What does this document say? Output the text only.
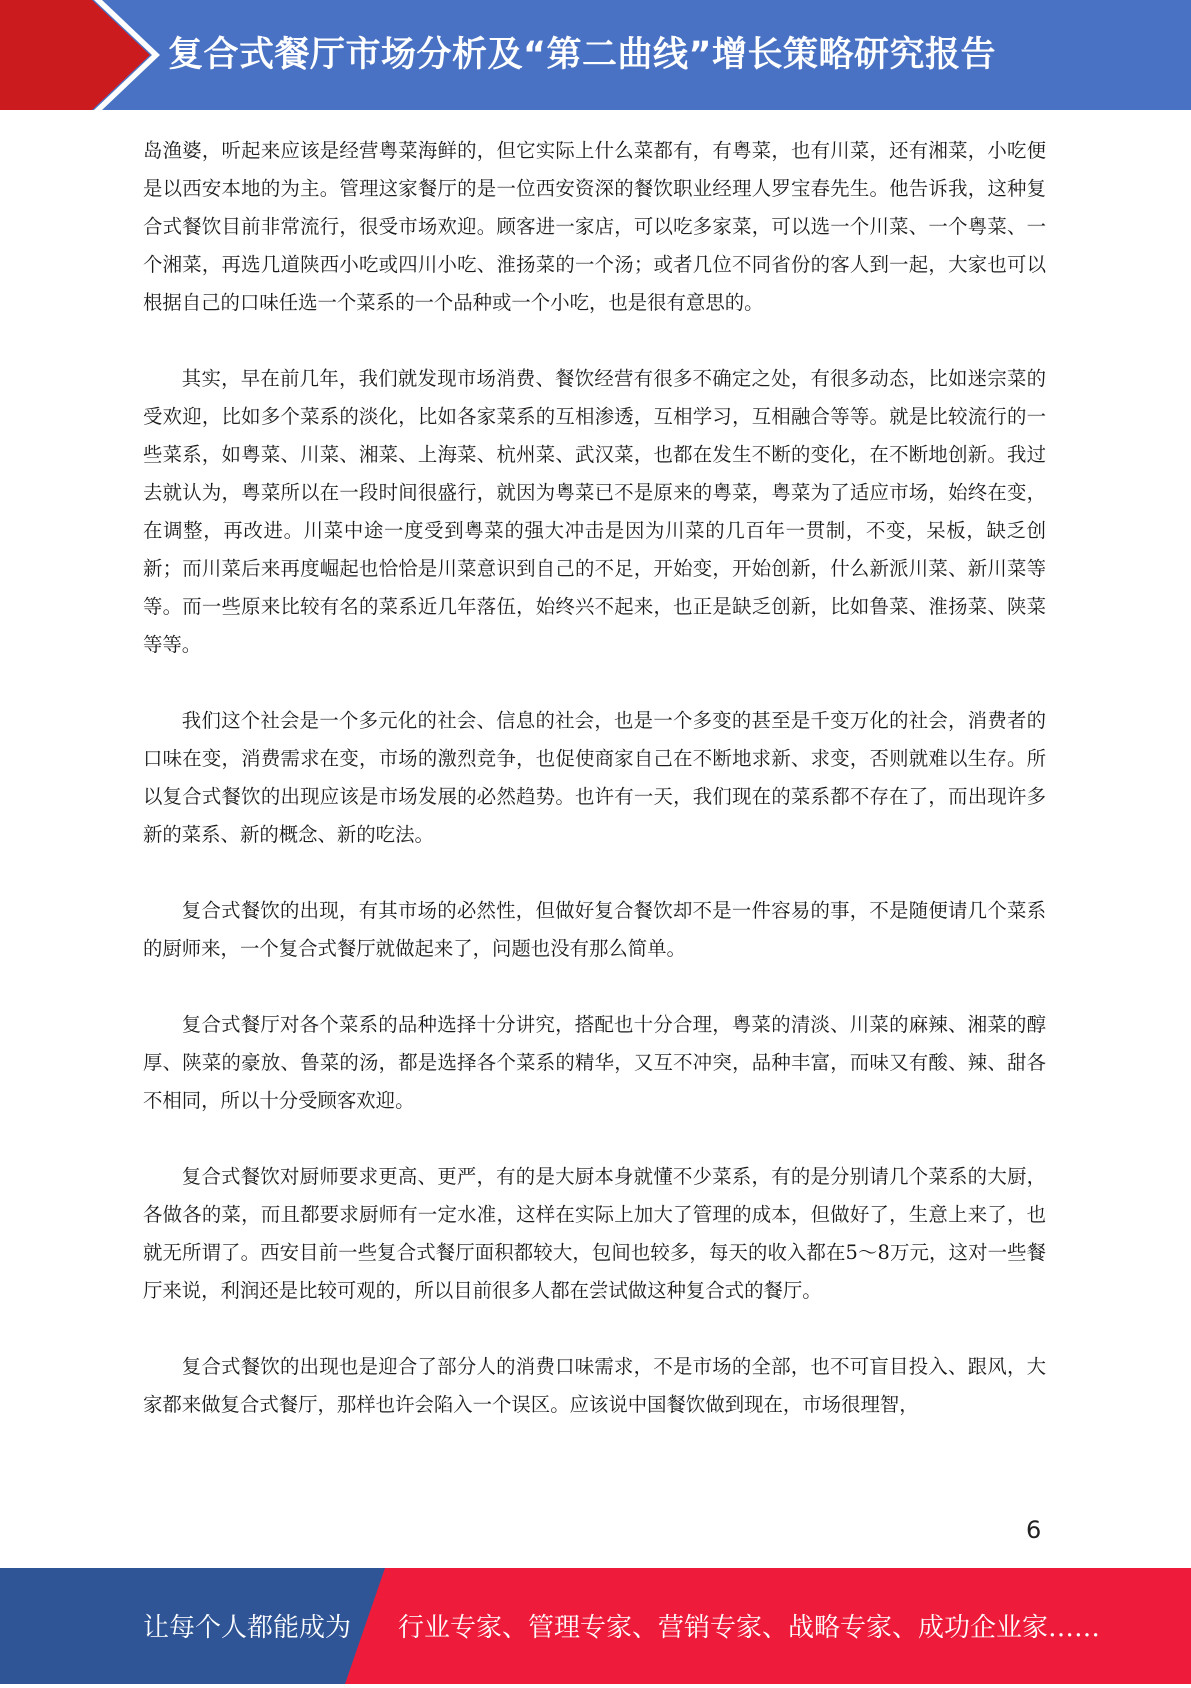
复合式餐厅市场分析及“第二曲线”增长策略研究报告

岛渔婆，听起来应该是经营粤菜海鲜的，但它实际上什么菜都有，有粤菜，也有川菜，还有湘菜，小吃便是以西安本地的为主。管理这家餐厅的是一位西安资深的餐饮职业经理人罗宝春先生。他告诉我，这种复合式餐饮目前非常流行，很受市场欢迎。顾客进一家店，可以吃多家菜，可以选一个川菜、一个粤菜、一个湘菜，再选几道陕西小吃或四川小吃、淮扬菜的一个汤；或者几位不同省份的客人到一起，大家也可以根据自己的口味任选一个菜系的一个品种或一个小吃，也是很有意思的。

其实，早在前几年，我们就发现市场消费、餐饮经营有很多不确定之处，有很多动态，比如迷宗菜的受欢迎，比如多个菜系的淡化，比如各家菜系的互相渗透，互相学习，互相融合等等。就是比较流行的一些菜系，如粤菜、川菜、湘菜、上海菜、杭州菜、武汉菜，也都在发生不断的变化，在不断地创新。我过去就认为，粤菜所以在一段时间很盛行，就因为粤菜已不是原来的粤菜，粤菜为了适应市场，始终在变，在调整，再改进。川菜中途一度受到粤菜的强大冲击是因为川菜的几百年一贯制，不变，呆板，缺乏创新；而川菜后来再度崛起也恰恰是川菜意识到自己的不足，开始变，开始创新，什么新派川菜、新川菜等等。而一些原来比较有名的菜系近几年落伍，始终兴不起来，也正是缺乏创新，比如鲁菜、淮扬菜、陕菜等等。

我们这个社会是一个多元化的社会、信息的社会，也是一个多变的甚至是千变万化的社会，消费者的口味在变，消费需求在变，市场的激烈竞争，也促使商家自己在不断地求新、求变，否则就难以生存。所以复合式餐饮的出现应该是市场发展的必然趋势。也许有一天，我们现在的菜系都不存在了，而出现许多新的菜系、新的概念、新的吃法。

复合式餐饮的出现，有其市场的必然性，但做好复合餐饮却不是一件容易的事，不是随便请几个菜系的厨师来，一个复合式餐厅就做起来了，问题也没有那么简单。

复合式餐厅对各个菜系的品种选择十分讲究，搭配也十分合理，粤菜的清淡、川菜的麻辣、湘菜的醇厚、陕菜的豪放、鲁菜的汤，都是选择各个菜系的精华，又互不冲突，品种丰富，而味又有酸、辣、甜各不相同，所以十分受顾客欢迎。

复合式餐饮对厨师要求更高、更严，有的是大厨本身就懂不少菜系，有的是分别请几个菜系的大厨，各做各的菜，而且都要求厨师有一定水准，这样在实际上加大了管理的成本，但做好了，生意上来了，也就无所谓了。西安目前一些复合式餐厅面积都较大，包间也较多，每天的收入都在5～8万元，这对一些餐厅来说，利润还是比较可观的，所以目前很多人都在尝试做这种复合式的餐厅。

复合式餐饮的出现也是迎合了部分人的消费口味需求，不是市场的全部，也不可盲目投入、跟风，大家都来做复合式餐厅，那样也许会陷入一个误区。应该说中国餐饮做到现在，市场很理智，

6
让每个人都能成为 行业专家、管理专家、营销专家、战略专家、成功企业家……
